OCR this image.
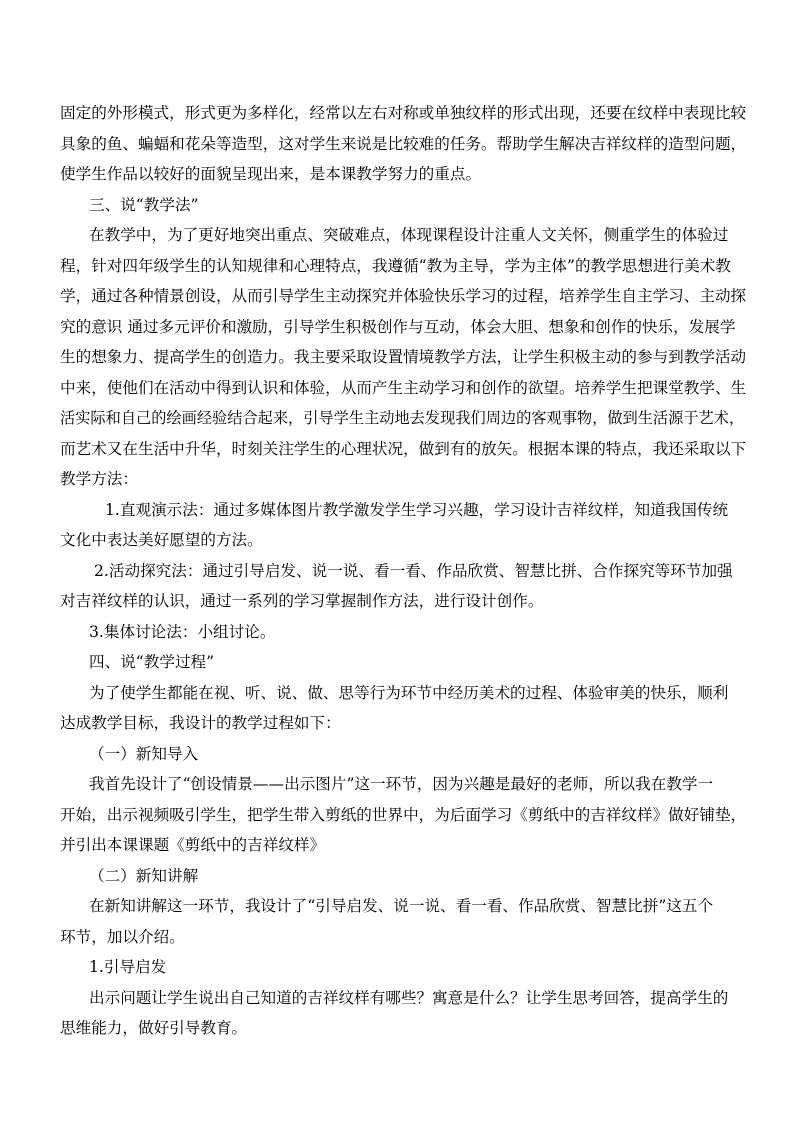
固定的外形模式，形式更为多样化，经常以左右对称或单独纹样的形式出现，还要在纹样中表现比较
具象的鱼、蝙蝠和花朵等造型，这对学生来说是比较难的任务。帮助学生解决吉祥纹样的造型问题，
使学生作品以较好的面貌呈现出来，是本课教学努力的重点。
三、说“教学法”
在教学中，为了更好地突出重点、突破难点，体现课程设计注重人文关怀，侧重学生的体验过
程，针对四年级学生的认知规律和心理特点，我遵循“教为主导，学为主体”的教学思想进行美术教
学，通过各种情景创设，从而引导学生主动探究并体验快乐学习的过程，培养学生自主学习、主动探
究的意识 通过多元评价和激励，引导学生积极创作与互动，体会大胆、想象和创作的快乐，发展学
生的想象力、提高学生的创造力。我主要采取设置情境教学方法，让学生积极主动的参与到教学活动
中来，使他们在活动中得到认识和体验，从而产生主动学习和创作的欲望。培养学生把课堂教学、生
活实际和自己的绘画经验结合起来，引导学生主动地去发现我们周边的客观事物，做到生活源于艺术，
而艺术又在生活中升华，时刻关注学生的心理状况，做到有的放矢。根据本课的特点，我还采取以下
教学方法：
1.直观演示法：通过多媒体图片教学激发学生学习兴趣，学习设计吉祥纹样，知道我国传统
文化中表达美好愿望的方法。
2.活动探究法：通过引导启发、说一说、看一看、作品欣赏、智慧比拼、合作探究等环节加强
对吉祥纹样的认识，通过一系列的学习掌握制作方法，进行设计创作。
3.集体讨论法：小组讨论。
四、说“教学过程”
为了使学生都能在视、听、说、做、思等行为环节中经历美术的过程、体验审美的快乐，顺利
达成教学目标，我设计的教学过程如下：
（一）新知导入
我首先设计了“创设情景——出示图片”这一环节，因为兴趣是最好的老师，所以我在教学一
开始，出示视频吸引学生，把学生带入剪纸的世界中，为后面学习《剪纸中的吉祥纹样》做好铺垫，
并引出本课课题《剪纸中的吉祥纹样》
（二）新知讲解
在新知讲解这一环节，我设计了“引导启发、说一说、看一看、作品欣赏、智慧比拼”这五个
环节，加以介绍。
1.引导启发
出示问题让学生说出自己知道的吉祥纹样有哪些？寓意是什么？让学生思考回答，提高学生的
思维能力，做好引导教育。
